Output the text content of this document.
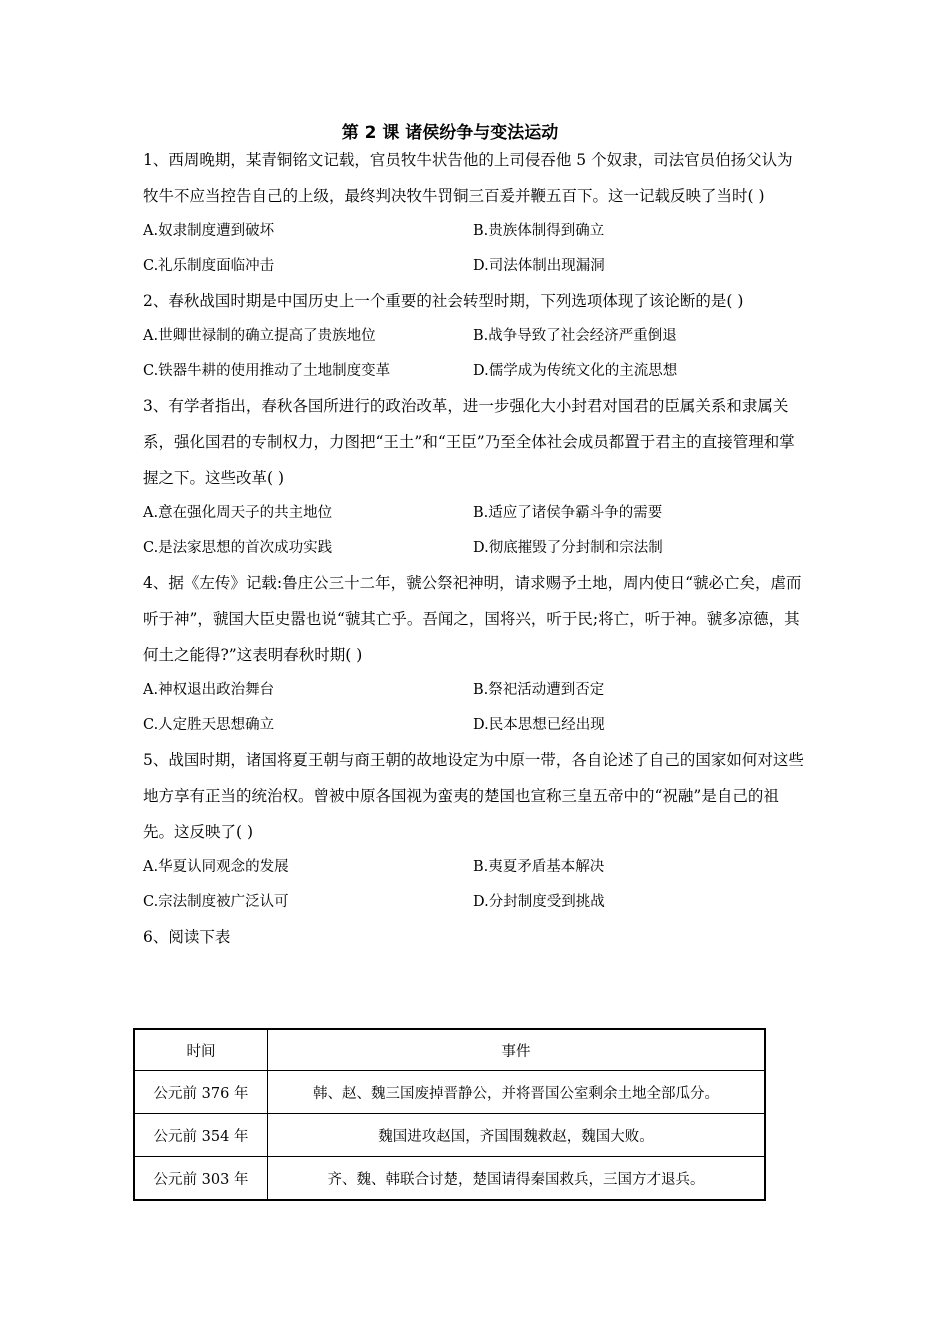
第 2 课 诸侯纷争与变法运动

1、西周晚期，某青铜铭文记载，官员牧牛状告他的上司侵吞他 5 个奴隶，司法官员伯扬父认为牧牛不应当控告自己的上级，最终判决牧牛罚铜三百爰并鞭五百下。这一记载反映了当时( )

A.奴隶制度遭到破坏	B.贵族体制得到确立
C.礼乐制度面临冲击	D.司法体制出现漏洞

2、春秋战国时期是中国历史上一个重要的社会转型时期，下列选项体现了该论断的是( )

A.世卿世禄制的确立提高了贵族地位	B.战争导致了社会经济严重倒退
C.铁器牛耕的使用推动了土地制度变革	D.儒学成为传统文化的主流思想

3、有学者指出，春秋各国所进行的政治改革，进一步强化大小封君对国君的臣属关系和隶属关系，强化国君的专制权力，力图把“王土”和“王臣”乃至全体社会成员都置于君主的直接管理和掌握之下。这些改革( )

A.意在强化周天子的共主地位	B.适应了诸侯争霸斗争的需要
C.是法家思想的首次成功实践	D.彻底摧毁了分封制和宗法制

4、据《左传》记载:鲁庄公三十二年，虢公祭祀神明，请求赐予土地，周内使日“虢必亡矣，虐而听于神”，虢国大臣史嚣也说“虢其亡乎。吾闻之，国将兴，听于民;将亡，听于神。虢多凉德，其何土之能得?”这表明春秋时期( )

A.神权退出政治舞台	B.祭祀活动遭到否定
C.人定胜天思想确立	D.民本思想已经出现

5、战国时期，诸国将夏王朝与商王朝的故地设定为中原一带，各自论述了自己的国家如何对这些地方享有正当的统治权。曾被中原各国视为蛮夷的楚国也宣称三皇五帝中的“祝融”是自己的祖先。这反映了( )

A.华夏认同观念的发展	B.夷夏矛盾基本解决
C.宗法制度被广泛认可	D.分封制度受到挑战

6、阅读下表

时间	事件
公元前 376 年	韩、赵、魏三国废掉晋静公，并将晋国公室剩余土地全部瓜分。
公元前 354 年	魏国进攻赵国，齐国围魏救赵，魏国大败。
公元前 303 年	齐、魏、韩联合讨楚，楚国请得秦国救兵，三国方才退兵。
